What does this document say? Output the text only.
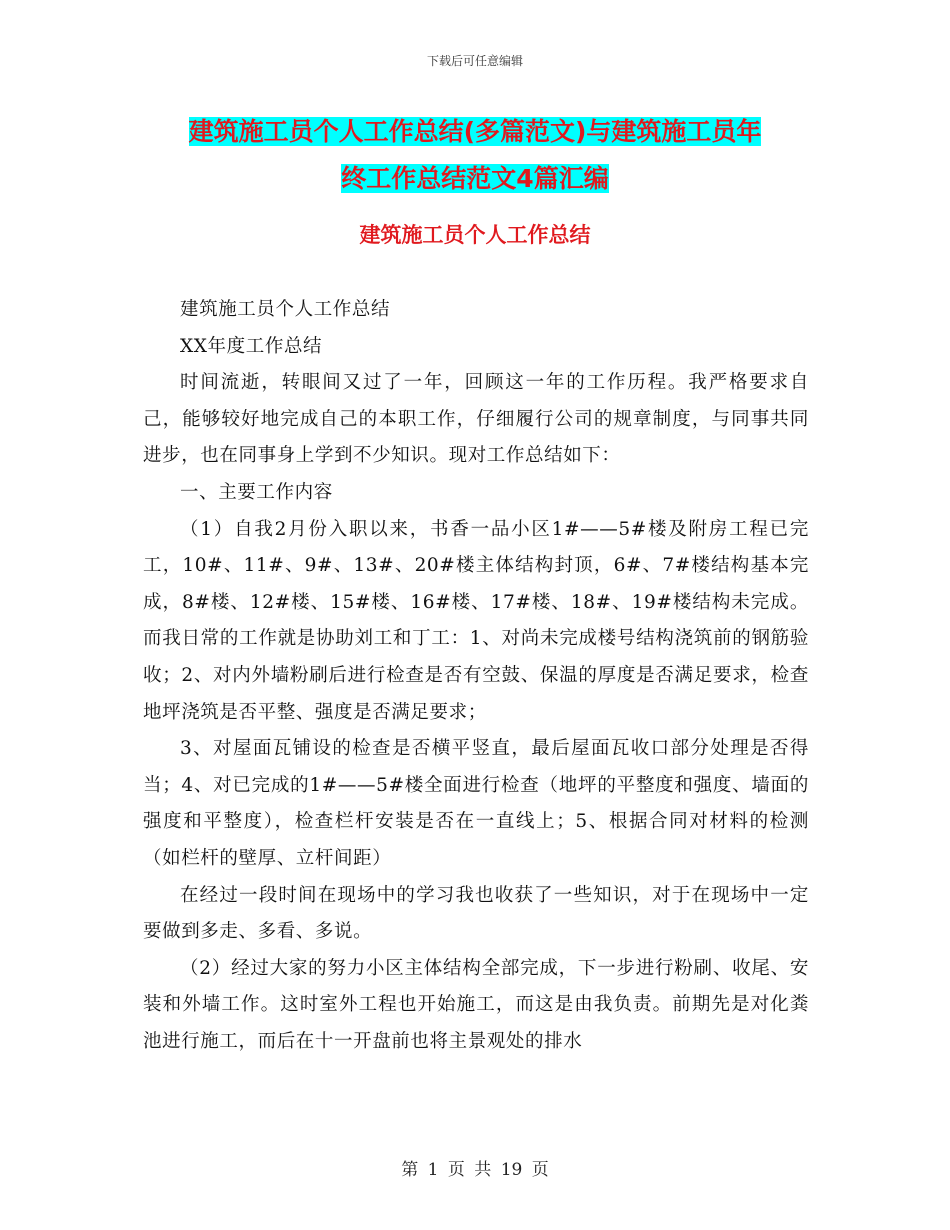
下载后可任意编辑
建筑施工员个人工作总结(多篇范文)与建筑施工员年
终工作总结范文4篇汇编
建筑施工员个人工作总结

建筑施工员个人工作总结

XX年度工作总结

时间流逝，转眼间又过了一年，回顾这一年的工作历程。我严格要求自己，能够较好地完成自己的本职工作，仔细履行公司的规章制度，与同事共同进步，也在同事身上学到不少知识。现对工作总结如下：

一、主要工作内容

（1）自我2月份入职以来，书香一品小区1#——5#楼及附房工程已完工，10#、11#、9#、13#、20#楼主体结构封顶，6#、7#楼结构基本完成，8#楼、12#楼、15#楼、16#楼、17#楼、18#、19#楼结构未完成。而我日常的工作就是协助刘工和丁工：1、对尚未完成楼号结构浇筑前的钢筋验收；2、对内外墙粉刷后进行检查是否有空鼓、保温的厚度是否满足要求，检查地坪浇筑是否平整、强度是否满足要求；

3、对屋面瓦铺设的检查是否横平竖直，最后屋面瓦收口部分处理是否得当；4、对已完成的1#——5#楼全面进行检查（地坪的平整度和强度、墙面的强度和平整度），检查栏杆安装是否在一直线上；5、根据合同对材料的检测（如栏杆的壁厚、立杆间距）

在经过一段时间在现场中的学习我也收获了一些知识，对于在现场中一定要做到多走、多看、多说。

（2）经过大家的努力小区主体结构全部完成，下一步进行粉刷、收尾、安装和外墙工作。这时室外工程也开始施工，而这是由我负责。前期先是对化粪池进行施工，而后在十一开盘前也将主景观处的排水

第 1 页 共 19 页
